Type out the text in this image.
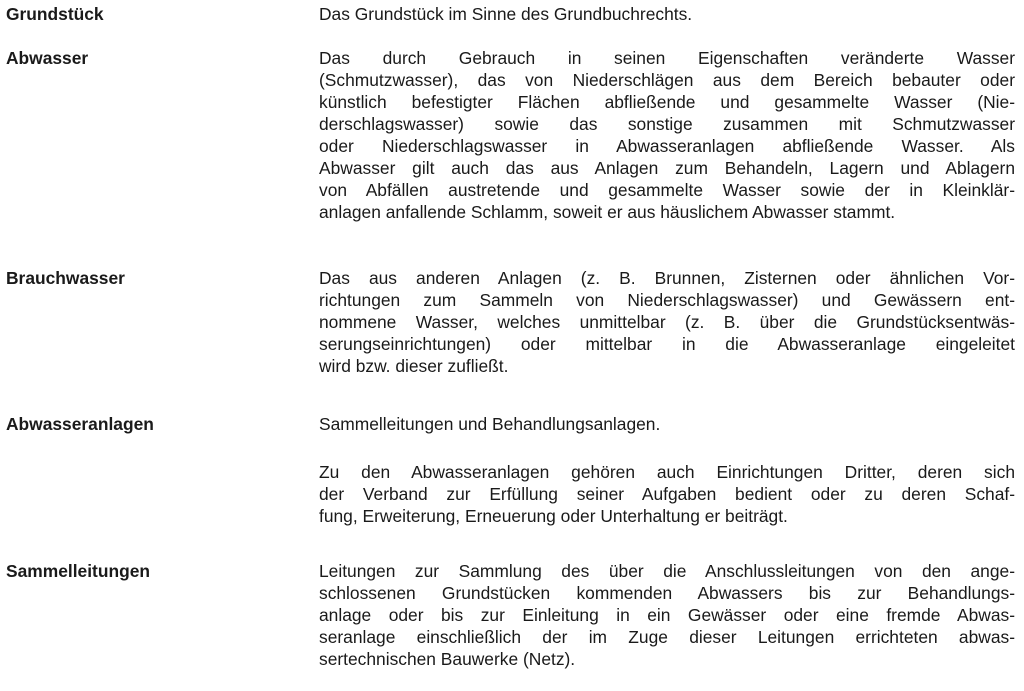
Grundstück	Das Grundstück im Sinne des Grundbuchrechts.
Abwasser	Das durch Gebrauch in seinen Eigenschaften veränderte Wasser
(Schmutzwasser), das von Niederschlägen aus dem Bereich bebauter oder
künstlich befestigter Flächen abfließende und gesammelte Wasser (Nie-
derschlagswasser) sowie das sonstige zusammen mit Schmutzwasser
oder Niederschlagswasser in Abwasseranlagen abfließende Wasser. Als
Abwasser gilt auch das aus Anlagen zum Behandeln, Lagern und Ablagern
von Abfällen austretende und gesammelte Wasser sowie der in Kleinklär-
anlagen anfallende Schlamm, soweit er aus häuslichem Abwasser stammt.
Brauchwasser	Das aus anderen Anlagen (z. B. Brunnen, Zisternen oder ähnlichen Vor-
richtungen zum Sammeln von Niederschlagswasser) und Gewässern ent-
nommene Wasser, welches unmittelbar (z. B. über die Grundstücksentwäs-
serungseinrichtungen) oder mittelbar in die Abwasseranlage eingeleitet
wird bzw. dieser zufließt.
Abwasseranlagen	Sammelleitungen und Behandlungsanlagen.
Zu den Abwasseranlagen gehören auch Einrichtungen Dritter, deren sich
der Verband zur Erfüllung seiner Aufgaben bedient oder zu deren Schaf-
fung, Erweiterung, Erneuerung oder Unterhaltung er beiträgt.
Sammelleitungen	Leitungen zur Sammlung des über die Anschlussleitungen von den ange-
schlossenen Grundstücken kommenden Abwassers bis zur Behandlungs-
anlage oder bis zur Einleitung in ein Gewässer oder eine fremde Abwas-
seranlage einschließlich der im Zuge dieser Leitungen errichteten abwas-
sertechnischen Bauwerke (Netz).
